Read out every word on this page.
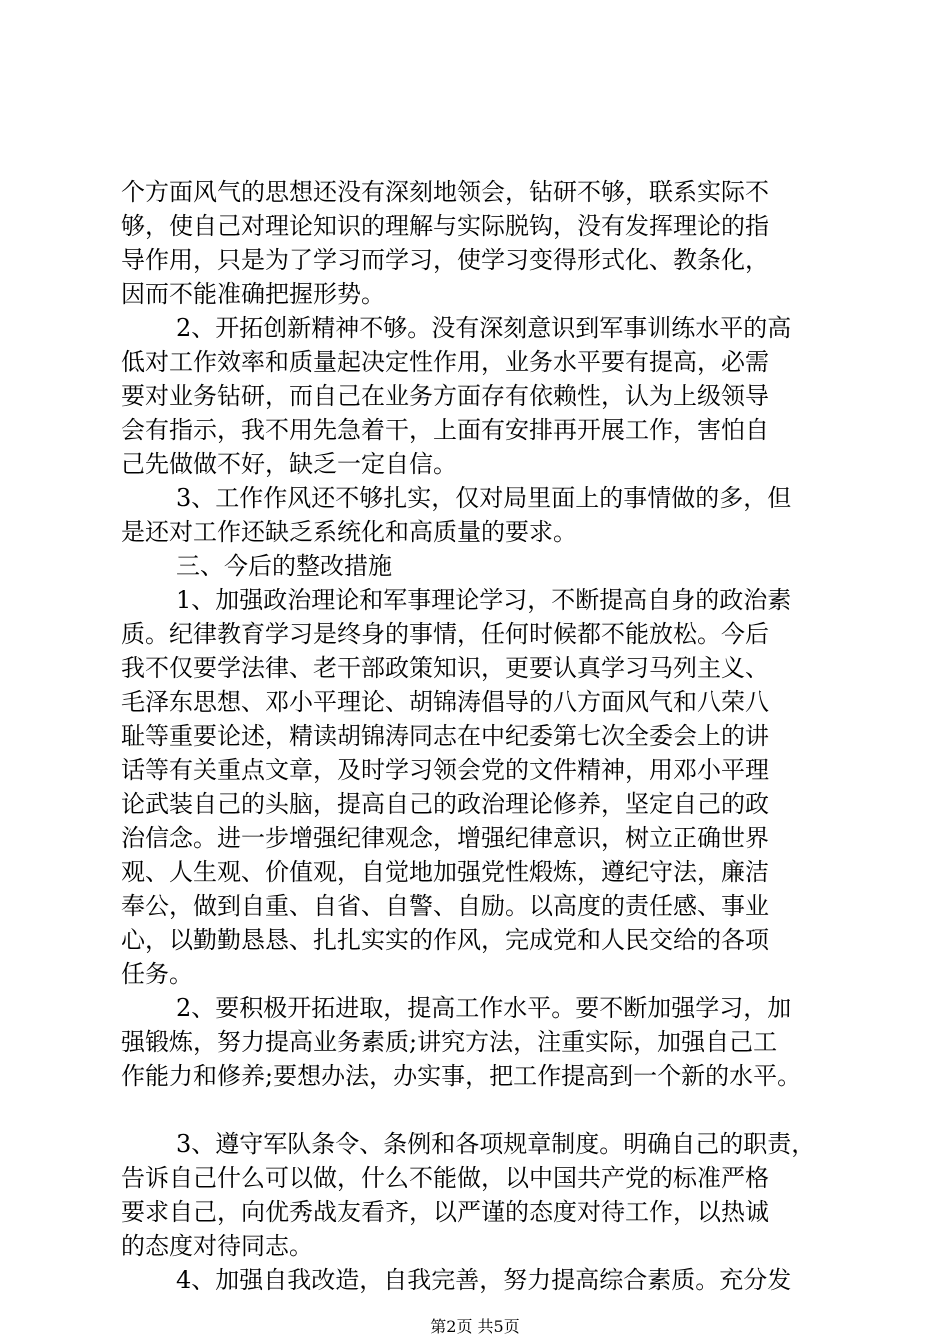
个方面风气的思想还没有深刻地领会，钻研不够，联系实际不
够，使自己对理论知识的理解与实际脱钩，没有发挥理论的指
导作用，只是为了学习而学习，使学习变得形式化、教条化，
因而不能准确把握形势。
2、开拓创新精神不够。没有深刻意识到军事训练水平的高
低对工作效率和质量起决定性作用，业务水平要有提高，必需
要对业务钻研，而自己在业务方面存有依赖性，认为上级领导
会有指示，我不用先急着干，上面有安排再开展工作，害怕自
己先做做不好，缺乏一定自信。
3、工作作风还不够扎实，仅对局里面上的事情做的多，但
是还对工作还缺乏系统化和高质量的要求。
三、今后的整改措施
1、加强政治理论和军事理论学习，不断提高自身的政治素
质。纪律教育学习是终身的事情，任何时候都不能放松。今后
我不仅要学法律、老干部政策知识，更要认真学习马列主义、
毛泽东思想、邓小平理论、胡锦涛倡导的八方面风气和八荣八
耻等重要论述，精读胡锦涛同志在中纪委第七次全委会上的讲
话等有关重点文章，及时学习领会党的文件精神，用邓小平理
论武装自己的头脑，提高自己的政治理论修养，坚定自己的政
治信念。进一步增强纪律观念，增强纪律意识，树立正确世界
观、人生观、价值观，自觉地加强党性煅炼，遵纪守法，廉洁
奉公，做到自重、自省、自警、自励。以高度的责任感、事业
心，以勤勤恳恳、扎扎实实的作风，完成党和人民交给的各项
任务。
2、要积极开拓进取，提高工作水平。要不断加强学习，加
强锻炼，努力提高业务素质;讲究方法，注重实际，加强自己工
作能力和修养;要想办法，办实事，把工作提高到一个新的水平。
3、遵守军队条令、条例和各项规章制度。明确自己的职责，
告诉自己什么可以做，什么不能做，以中国共产党的标准严格
要求自己，向优秀战友看齐，以严谨的态度对待工作，以热诚
的态度对待同志。
4、加强自我改造，自我完善，努力提高综合素质。充分发
第2页 共5页
